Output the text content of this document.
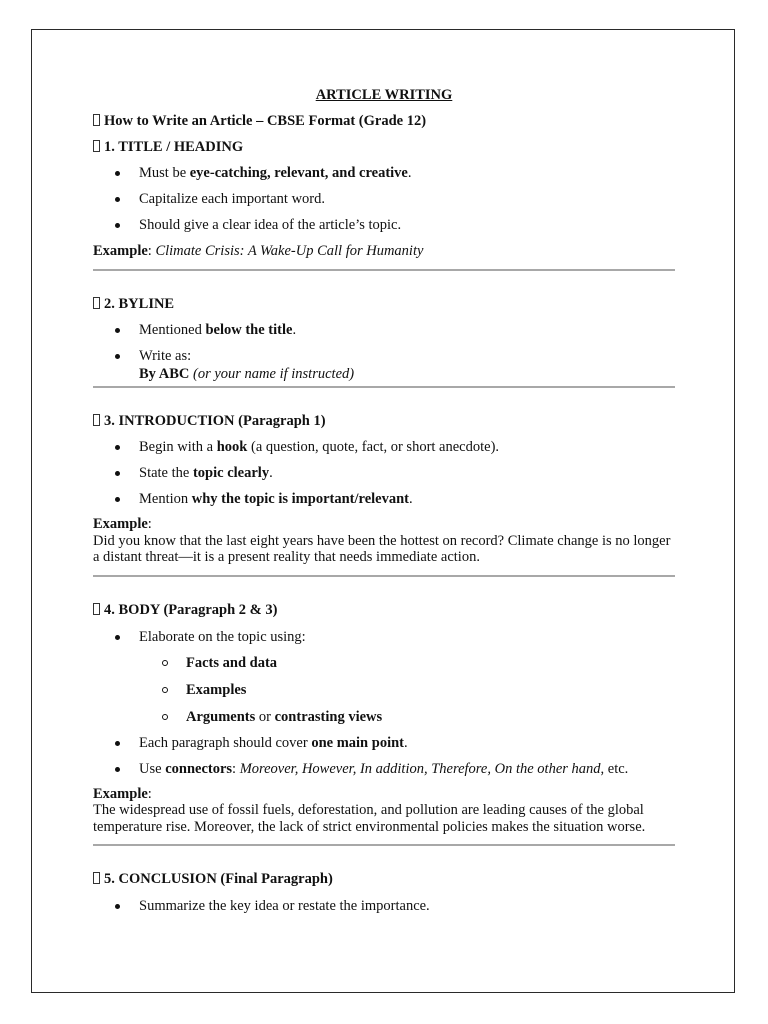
ARTICLE WRITING

How to Write an Article – CBSE Format (Grade 12)

1. TITLE / HEADING

Must be eye-catching, relevant, and creative.
Capitalize each important word.
Should give a clear idea of the article’s topic.

Example: Climate Crisis: A Wake-Up Call for Humanity

2. BYLINE

Mentioned below the title.
Write as:
By ABC (or your name if instructed)

3. INTRODUCTION (Paragraph 1)

Begin with a hook (a question, quote, fact, or short anecdote).
State the topic clearly.
Mention why the topic is important/relevant.

Example:

Did you know that the last eight years have been the hottest on record? Climate change is no longer a distant threat—it is a present reality that needs immediate action.

4. BODY (Paragraph 2 & 3)

Elaborate on the topic using:
Facts and data
Examples
Arguments or contrasting views
Each paragraph should cover one main point.
Use connectors: Moreover, However, In addition, Therefore, On the other hand, etc.

Example:

The widespread use of fossil fuels, deforestation, and pollution are leading causes of the global temperature rise. Moreover, the lack of strict environmental policies makes the situation worse.

5. CONCLUSION (Final Paragraph)

Summarize the key idea or restate the importance.
